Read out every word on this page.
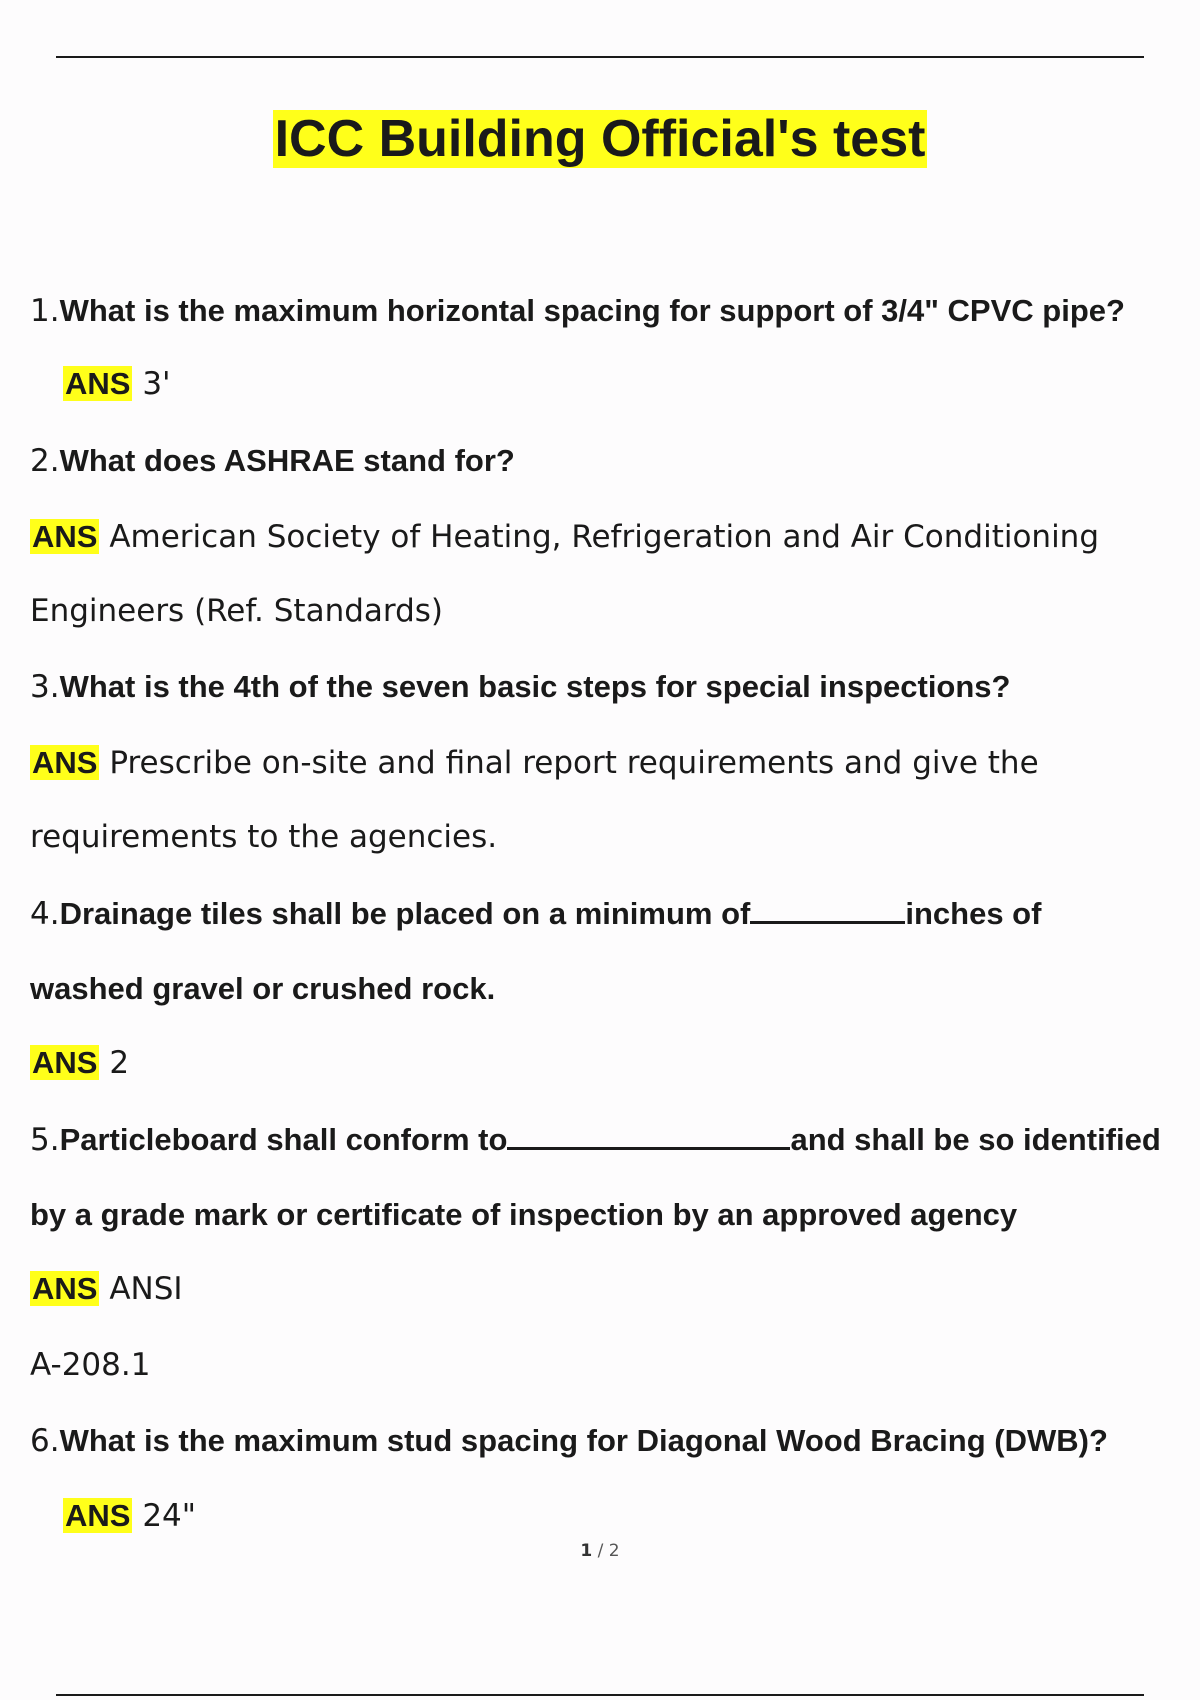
ICC Building Official's test
1.What is the maximum horizontal spacing for support of 3/4" CPVC pipe?
ANS 3'
2.What does ASHRAE stand for?
ANS American Society of Heating, Refrigeration and Air Conditioning
Engineers (Ref. Standards)
3.What is the 4th of the seven basic steps for special inspections?
ANS Prescribe on-site and final report requirements and give the
requirements to the agencies.
4.Drainage tiles shall be placed on a minimum of	inches of
washed gravel or crushed rock.
ANS 2
5.Particleboard shall conform to	and shall be so identified
by a grade mark or certificate of inspection by an approved agency
ANS ANSI
A-208.1
6.What is the maximum stud spacing for Diagonal Wood Bracing (DWB)?
ANS 24"
1 / 2
